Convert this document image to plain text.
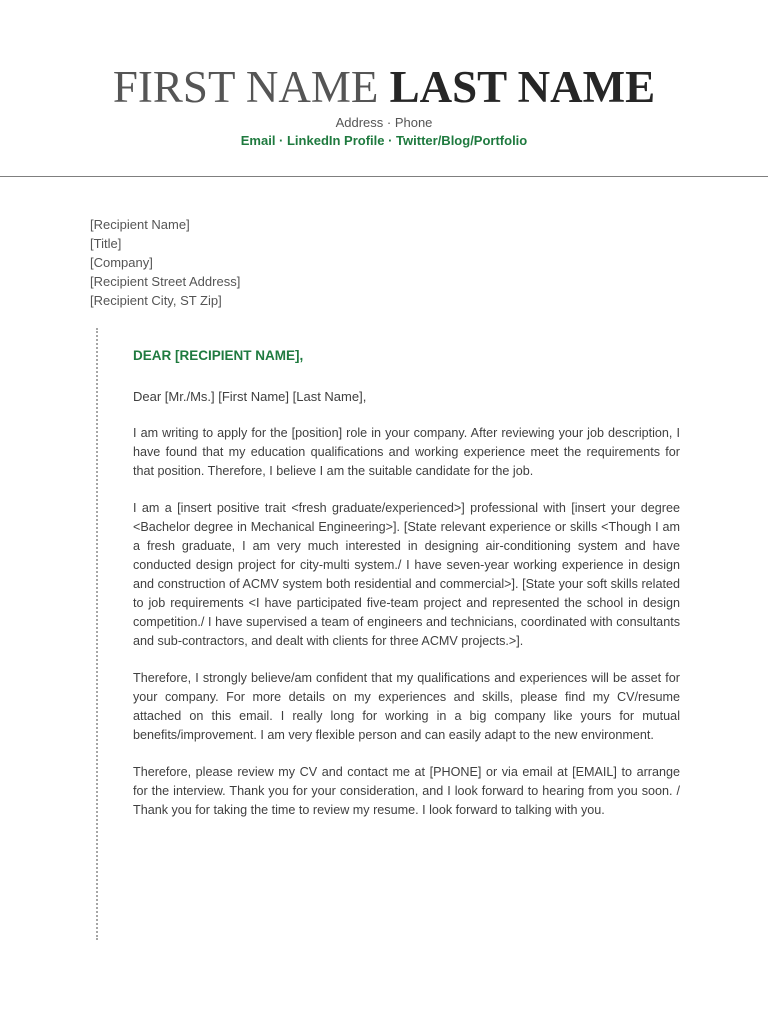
FIRST NAME LAST NAME
Address · Phone
Email · LinkedIn Profile · Twitter/Blog/Portfolio
[Recipient Name]
[Title]
[Company]
[Recipient Street Address]
[Recipient City, ST Zip]

DEAR [RECIPIENT NAME],

Dear [Mr./Ms.] [First Name] [Last Name],

I am writing to apply for the [position] role in your company. After reviewing your job description, I have found that my education qualifications and working experience meet the requirements for that position. Therefore, I believe I am the suitable candidate for the job.

I am a [insert positive trait <fresh graduate/experienced>] professional with [insert your degree <Bachelor degree in Mechanical Engineering>]. [State relevant experience or skills <Though I am a fresh graduate, I am very much interested in designing air-conditioning system and have conducted design project for city-multi system./ I have seven-year working experience in design and construction of ACMV system both residential and commercial>]. [State your soft skills related to job requirements <I have participated five-team project and represented the school in design competition./ I have supervised a team of engineers and technicians, coordinated with consultants and sub-contractors, and dealt with clients for three ACMV projects.>].

Therefore, I strongly believe/am confident that my qualifications and experiences will be asset for your company. For more details on my experiences and skills, please find my CV/resume attached on this email. I really long for working in a big company like yours for mutual benefits/improvement. I am very flexible person and can easily adapt to the new environment.

Therefore, please review my CV and contact me at [PHONE] or via email at [EMAIL] to arrange for the interview. Thank you for your consideration, and I look forward to hearing from you soon. / Thank you for taking the time to review my resume. I look forward to talking with you.
